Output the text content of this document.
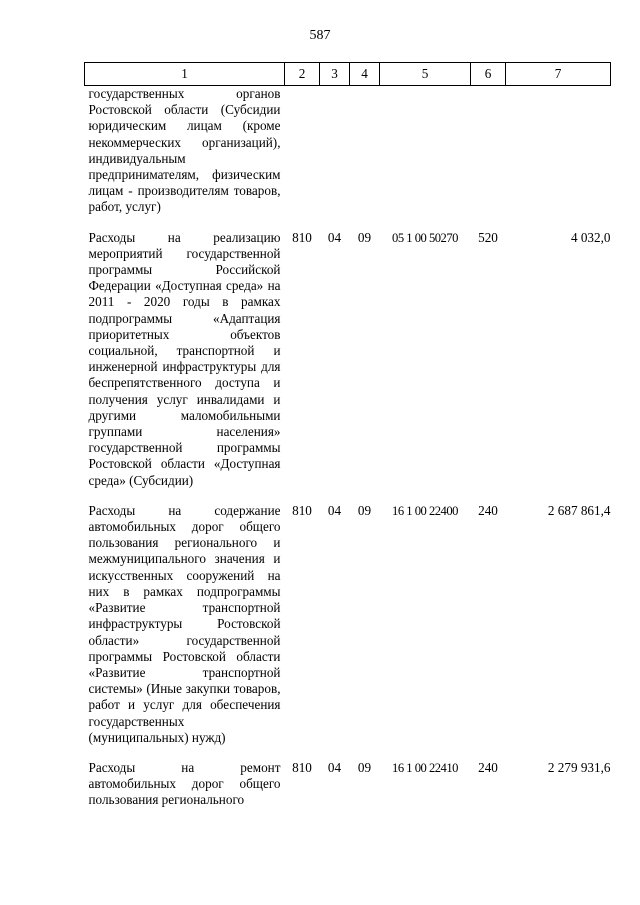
587
1	2	3	4	5	6	7
государственных органов Ростовской области (Субсидии юридическим лицам (кроме некоммерческих организаций), индивидуальным предпринимателям, физическим лицам - производителям товаров, работ, услуг)						
Расходы на реализацию мероприятий государственной программы Российской Федерации «Доступная среда» на 2011 - 2020 годы в рамках подпрограммы «Адаптация приоритетных объектов социальной, транспортной и инженерной инфраструктуры для беспрепятственного доступа и получения услуг инвалидами и другими маломобильными группами населения» государственной программы Ростовской области «Доступная среда» (Субсидии)	810	04	09	05 1 00 50270	520	4 032,0
Расходы на содержание автомобильных дорог общего пользования регионального и межмуниципального значения и искусственных сооружений на них в рамках подпрограммы «Развитие транспортной инфраструктуры Ростовской области» государственной программы Ростовской области «Развитие транспортной системы» (Иные закупки товаров, работ и услуг для обеспечения государственных (муниципальных) нужд)	810	04	09	16 1 00 22400	240	2 687 861,4
Расходы на ремонт автомобильных дорог общего пользования регионального	810	04	09	16 1 00 22410	240	2 279 931,6
